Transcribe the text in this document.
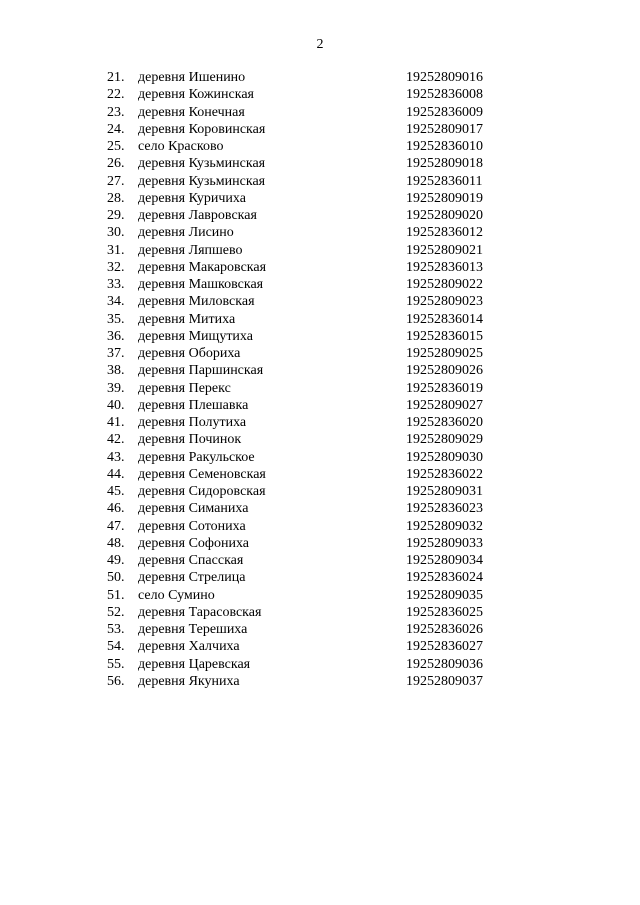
2
21. деревня Ишенино	19252809016
22. деревня Кожинская	19252836008
23. деревня Конечная	19252836009
24. деревня Коровинская	19252809017
25. село Красково	19252836010
26. деревня Кузьминская	19252809018
27. деревня Кузьминская	19252836011
28. деревня Куричиха	19252809019
29. деревня Лавровская	19252809020
30. деревня Лисино	19252836012
31. деревня Ляпшево	19252809021
32. деревня Макаровская	19252836013
33. деревня Машковская	19252809022
34. деревня Миловская	19252809023
35. деревня Митиха	19252836014
36. деревня Мищутиха	19252836015
37. деревня Обориха	19252809025
38. деревня Паршинская	19252809026
39. деревня Перекс	19252836019
40. деревня Плешавка	19252809027
41. деревня Полутиха	19252836020
42. деревня Починок	19252809029
43. деревня Ракульское	19252809030
44. деревня Семеновская	19252836022
45. деревня Сидоровская	19252809031
46. деревня Симаниха	19252836023
47. деревня Сотониха	19252809032
48. деревня Софониха	19252809033
49. деревня Спасская	19252809034
50. деревня Стрелица	19252836024
51. село Сумино	19252809035
52. деревня Тарасовская	19252836025
53. деревня Терешиха	19252836026
54. деревня Халчиха	19252836027
55. деревня Царевская	19252809036
56. деревня Якуниха	19252809037
